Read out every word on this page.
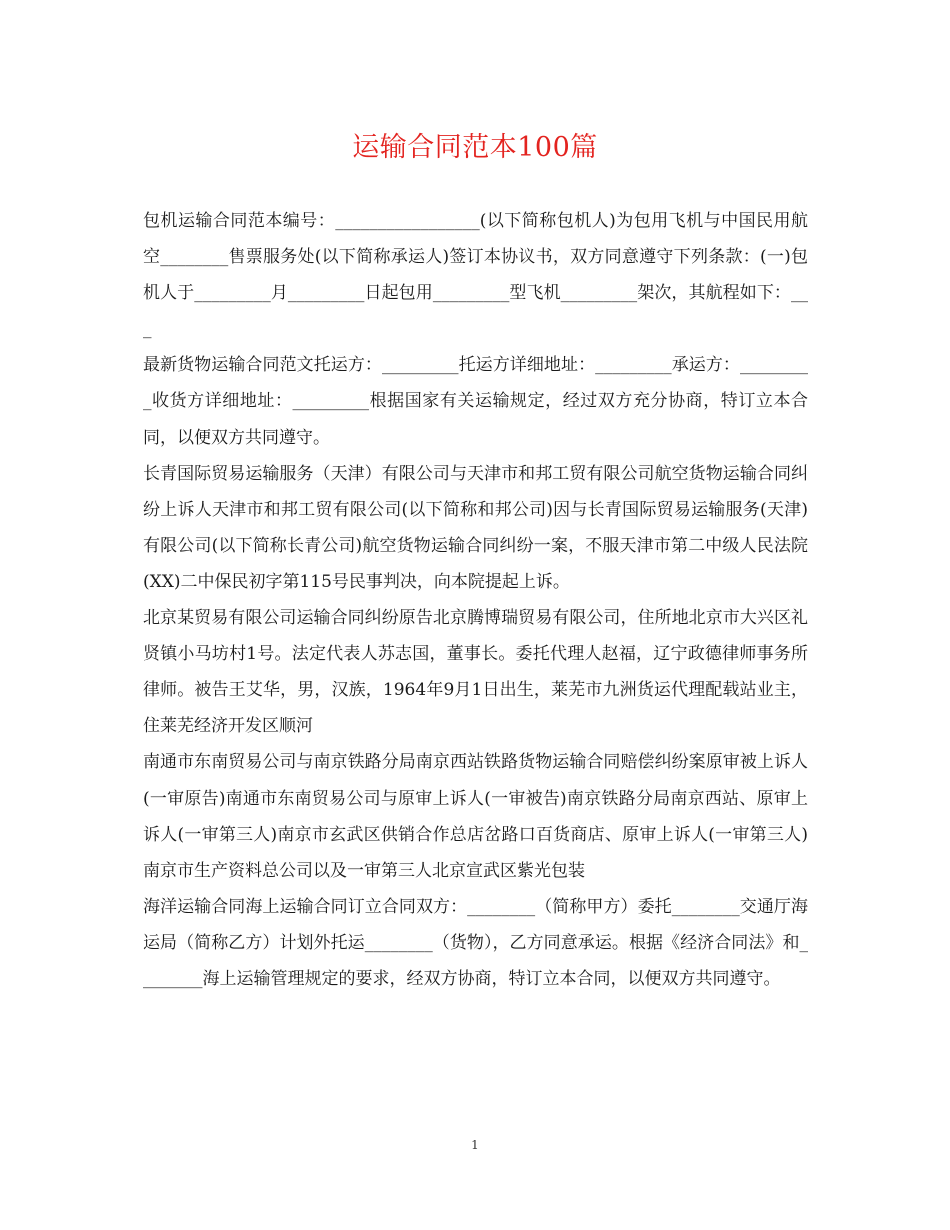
运输合同范本100篇

包机运输合同范本编号：_________________(以下简称包机人)为包用飞机与中国民用航空________售票服务处(以下简称承运人)签订本协议书，双方同意遵守下列条款：(一)包机人于_________月_________日起包用_________型飞机_________架次，其航程如下：___

最新货物运输合同范文托运方：_________托运方详细地址：_________承运方：_________收货方详细地址：_________根据国家有关运输规定，经过双方充分协商，特订立本合同，以便双方共同遵守。

长青国际贸易运输服务（天津）有限公司与天津市和邦工贸有限公司航空货物运输合同纠纷上诉人天津市和邦工贸有限公司(以下简称和邦公司)因与长青国际贸易运输服务(天津)有限公司(以下简称长青公司)航空货物运输合同纠纷一案，不服天津市第二中级人民法院(XX)二中保民初字第115号民事判决，向本院提起上诉。

北京某贸易有限公司运输合同纠纷原告北京腾博瑞贸易有限公司，住所地北京市大兴区礼贤镇小马坊村1号。法定代表人苏志国，董事长。委托代理人赵福，辽宁政德律师事务所律师。被告王艾华，男，汉族，1964年9月1日出生，莱芜市九洲货运代理配载站业主，住莱芜经济开发区顺河

南通市东南贸易公司与南京铁路分局南京西站铁路货物运输合同赔偿纠纷案原审被上诉人(一审原告)南通市东南贸易公司与原审上诉人(一审被告)南京铁路分局南京西站、原审上诉人(一审第三人)南京市玄武区供销合作总店岔路口百货商店、原审上诉人(一审第三人)南京市生产资料总公司以及一审第三人北京宣武区紫光包装

海洋运输合同海上运输合同订立合同双方：________（简称甲方）委托________交通厅海运局（简称乙方）计划外托运________（货物），乙方同意承运。根据《经济合同法》和________海上运输管理规定的要求，经双方协商，特订立本合同，以便双方共同遵守。

1
